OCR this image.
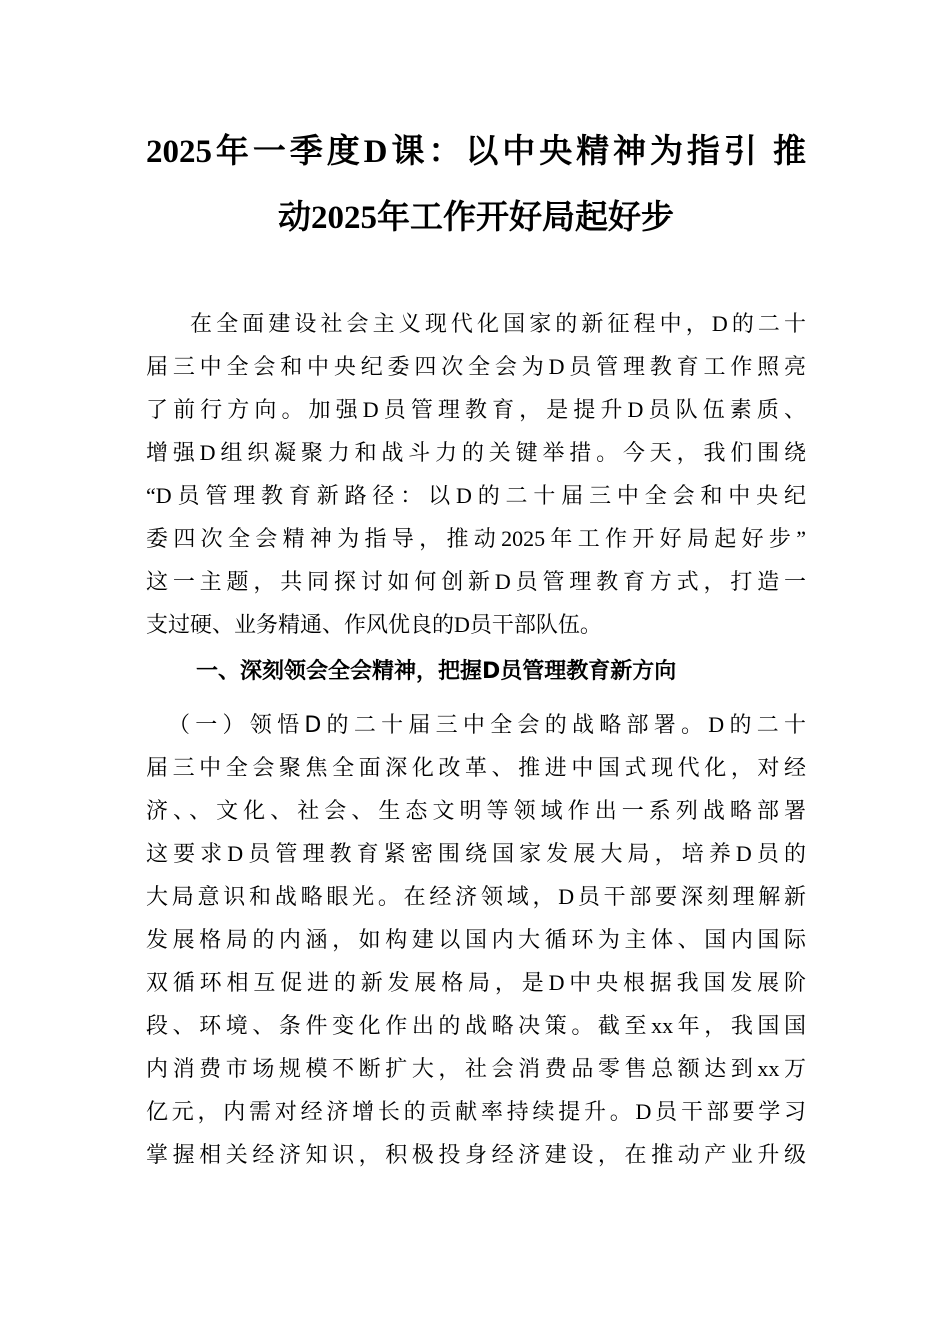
2025年一季度D课：以中央精神为指引 推
动2025年工作开好局起好步
在全面建设社会主义现代化国家的新征程中，D的二十
届三中全会和中央纪委四次全会为D员管理教育工作照亮
了前行方向。加强D员管理教育，是提升D员队伍素质、
增强D组织凝聚力和战斗力的关键举措。今天，我们围绕
“D员管理教育新路径：以D的二十届三中全会和中央纪
委四次全会精神为指导，推动2025年工作开好局起好步”
这一主题，共同探讨如何创新D员管理教育方式，打造一
支过硬、业务精通、作风优良的D员干部队伍。
一、深刻领会全会精神，把握D员管理教育新方向
（一）领悟D的二十届三中全会的战略部署。D的二十
届三中全会聚焦全面深化改革、推进中国式现代化，对经
济、、文化、社会、生态文明等领域作出一系列战略部署
这要求D员管理教育紧密围绕国家发展大局，培养D员的
大局意识和战略眼光。在经济领域，D员干部要深刻理解新
发展格局的内涵，如构建以国内大循环为主体、国内国际
双循环相互促进的新发展格局，是D中央根据我国发展阶
段、环境、条件变化作出的战略决策。截至xx年，我国国
内消费市场规模不断扩大，社会消费品零售总额达到xx万
亿元，内需对经济增长的贡献率持续提升。D员干部要学习
掌握相关经济知识，积极投身经济建设，在推动产业升级
